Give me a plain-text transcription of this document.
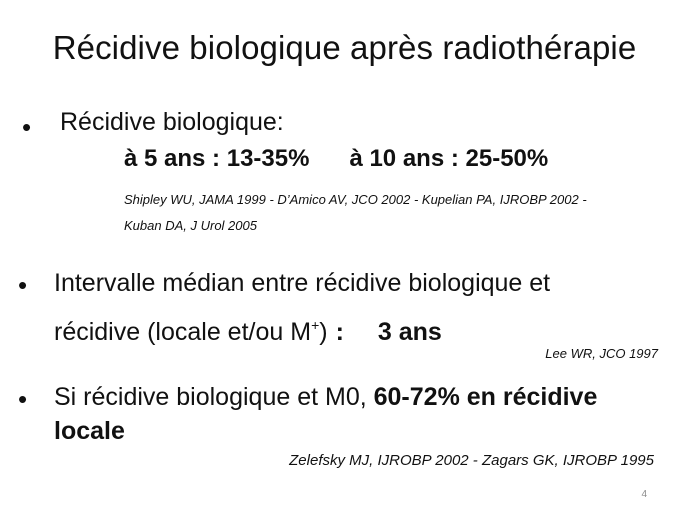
Récidive biologique après radiothérapie
• Récidive biologique:
à 5 ans : 13-35% à 10 ans : 25-50%
Shipley WU, JAMA 1999 - D’Amico AV, JCO 2002 - Kupelian PA, IJROBP 2002 -
Kuban DA, J Urol 2005
• Intervalle médian entre récidive biologique et
récidive (locale et/ou M+) : 3 ans
Lee WR, JCO 1997
• Si récidive biologique et M0, 60-72% en récidive
locale
Zelefsky MJ, IJROBP 2002 - Zagars GK, IJROBP 1995
4
